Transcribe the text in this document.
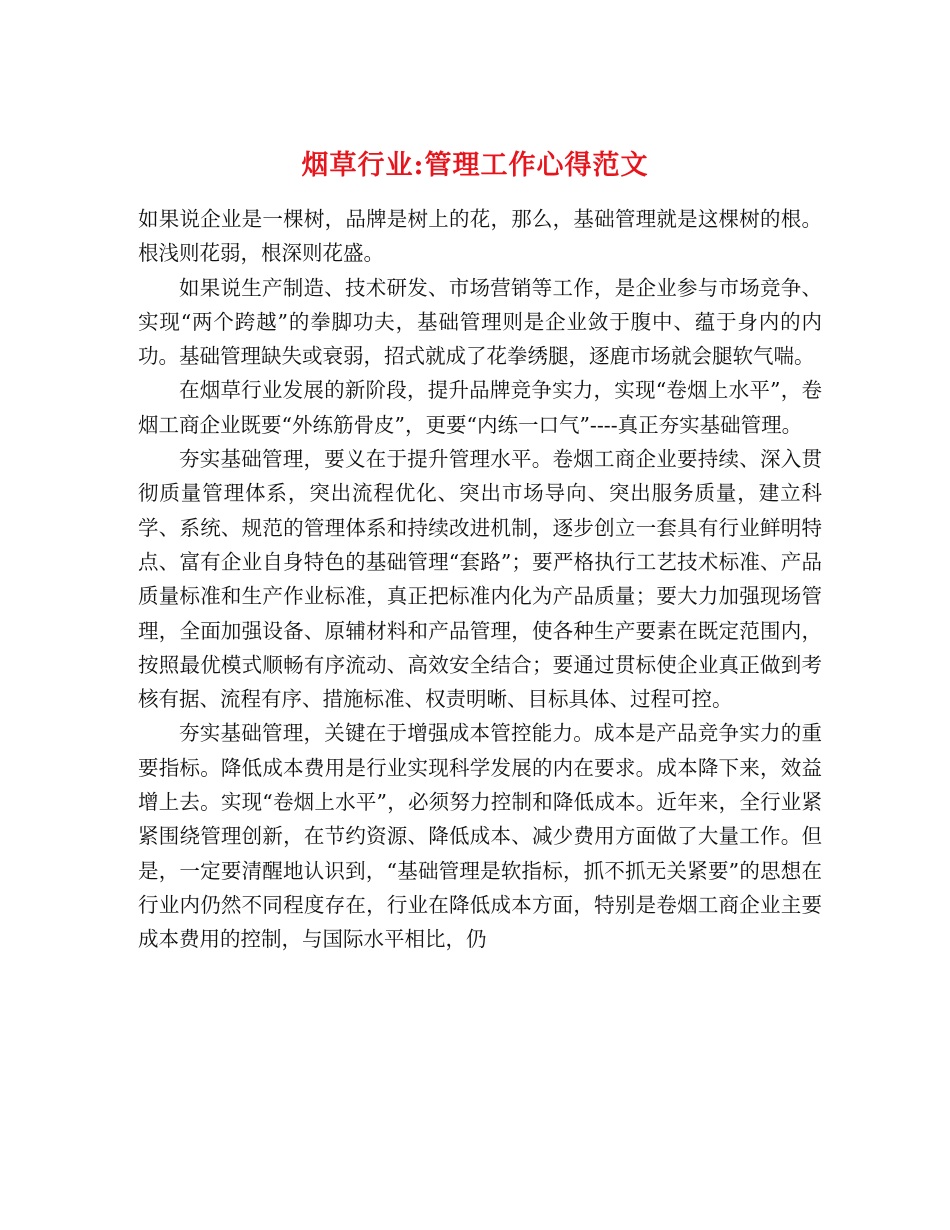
烟草行业:管理工作心得范文

如果说企业是一棵树，品牌是树上的花，那么，基础管理就是这棵树的根。根浅则花弱，根深则花盛。

如果说生产制造、技术研发、市场营销等工作，是企业参与市场竞争、实现“两个跨越”的拳脚功夫，基础管理则是企业敛于腹中、蕴于身内的内功。基础管理缺失或衰弱，招式就成了花拳绣腿，逐鹿市场就会腿软气喘。

在烟草行业发展的新阶段，提升品牌竞争实力，实现“卷烟上水平”，卷烟工商企业既要“外练筋骨皮”，更要“内练一口气”----真正夯实基础管理。

夯实基础管理，要义在于提升管理水平。卷烟工商企业要持续、深入贯彻质量管理体系，突出流程优化、突出市场导向、突出服务质量，建立科学、系统、规范的管理体系和持续改进机制，逐步创立一套具有行业鲜明特点、富有企业自身特色的基础管理“套路”；要严格执行工艺技术标准、产品质量标准和生产作业标准，真正把标准内化为产品质量；要大力加强现场管理，全面加强设备、原辅材料和产品管理，使各种生产要素在既定范围内，按照最优模式顺畅有序流动、高效安全结合；要通过贯标使企业真正做到考核有据、流程有序、措施标准、权责明晰、目标具体、过程可控。

夯实基础管理，关键在于增强成本管控能力。成本是产品竞争实力的重要指标。降低成本费用是行业实现科学发展的内在要求。成本降下来，效益增上去。实现“卷烟上水平”，必须努力控制和降低成本。近年来，全行业紧紧围绕管理创新，在节约资源、降低成本、减少费用方面做了大量工作。但是，一定要清醒地认识到，“基础管理是软指标，抓不抓无关紧要”的思想在行业内仍然不同程度存在，行业在降低成本方面，特别是卷烟工商企业主要成本费用的控制，与国际水平相比，仍
